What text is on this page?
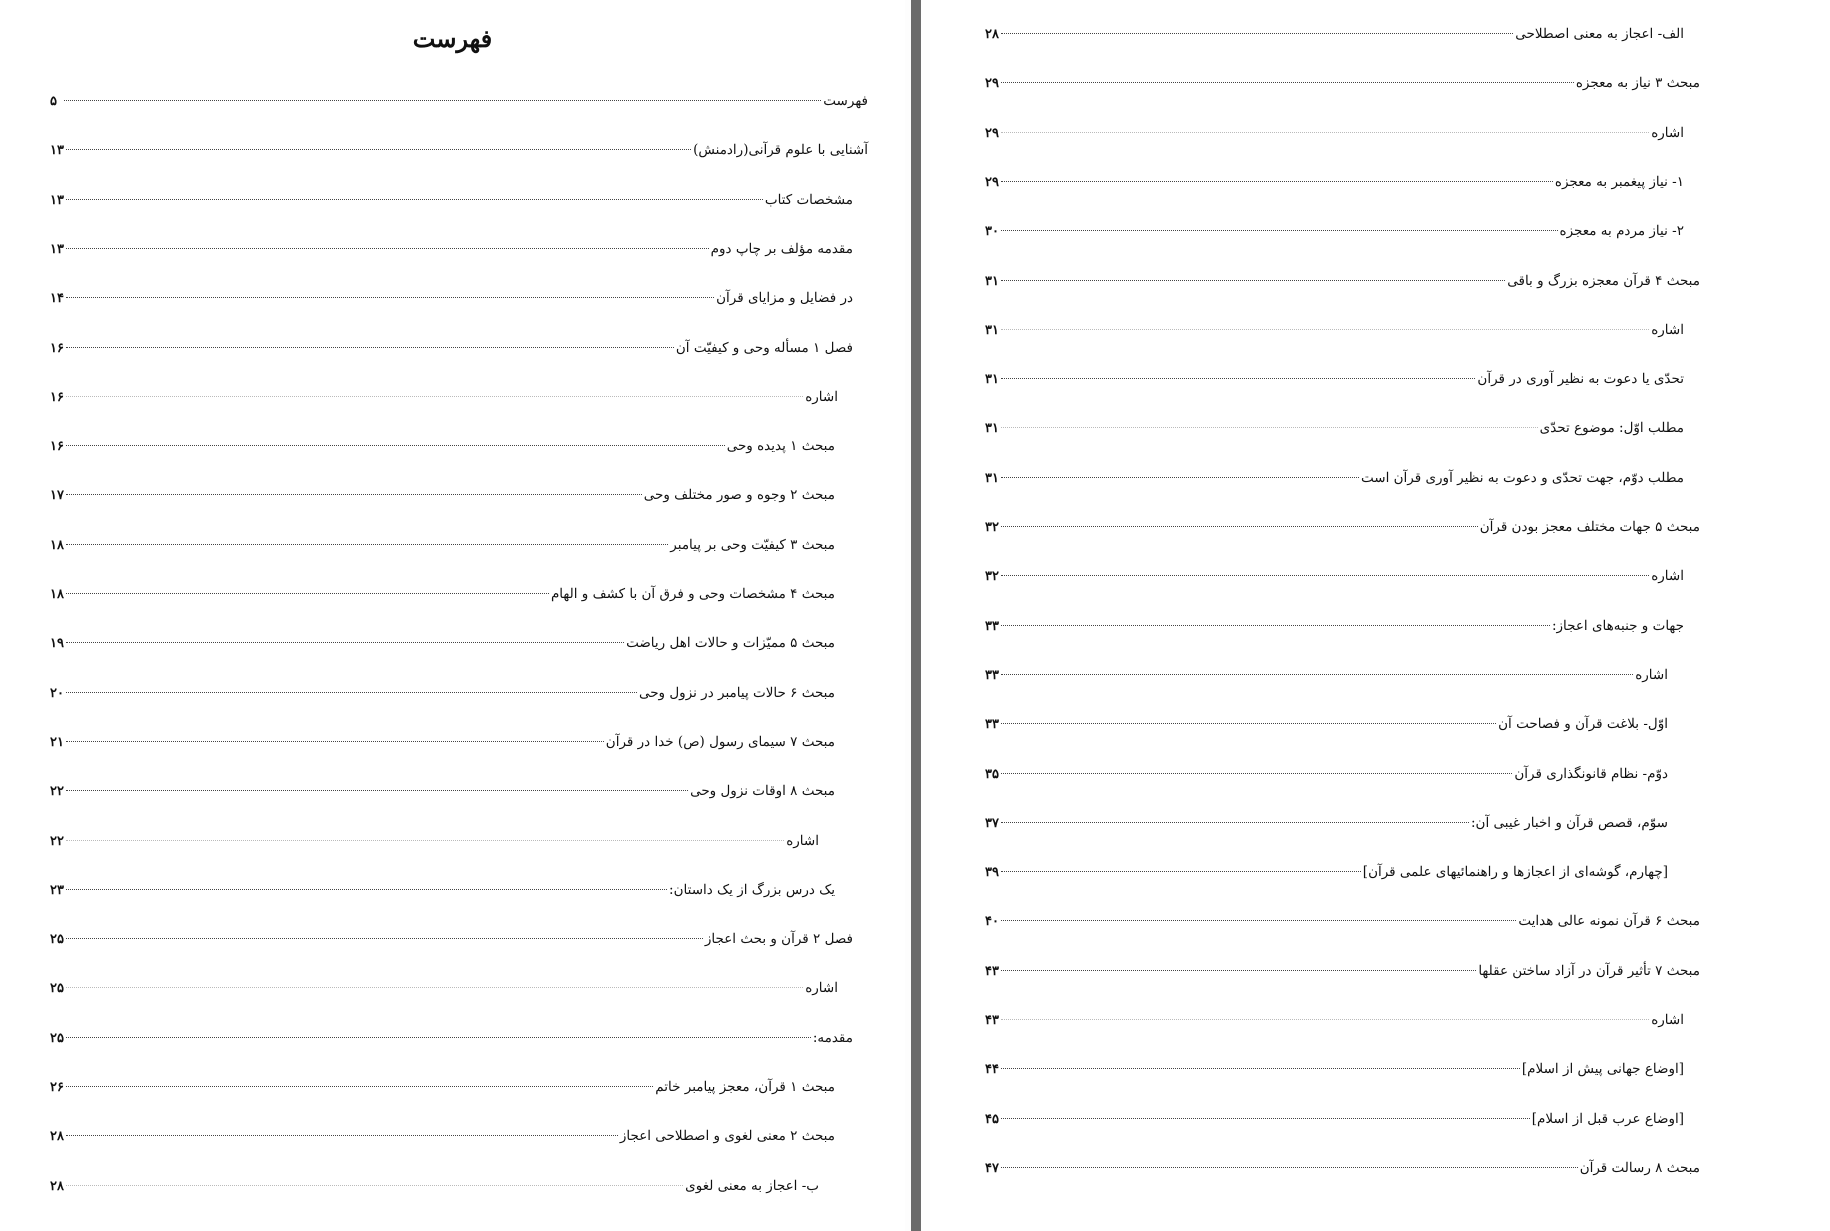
فهرست
فهرست
۵
آشنایی با علوم قرآنی(رادمنش)
۱۳
مشخصات کتاب
۱۳
مقدمه مؤلف بر چاپ دوم
۱۳
در فضایل و مزایای قرآن
۱۴
فصل ۱ مسأله وحی و کیفیّت آن
۱۶
اشاره
۱۶
مبحث ۱ پدیده وحی
۱۶
مبحث ۲ وجوه و صور مختلف وحی
۱۷
مبحث ۳ کیفیّت وحی بر پیامبر
۱۸
مبحث ۴ مشخصات وحی و فرق آن با کشف و الهام
۱۸
مبحث ۵ ممیّزات و حالات اهل ریاضت
۱۹
مبحث ۶ حالات پیامبر در نزول وحی
۲۰
مبحث ۷ سیمای رسول (ص) خدا در قرآن
۲۱
مبحث ۸ اوقات نزول وحی
۲۲
اشاره
۲۲
یک درس بزرگ از یک داستان:
۲۳
فصل ۲ قرآن و بحث اعجاز
۲۵
اشاره
۲۵
مقدمه:
۲۵
مبحث ۱ قرآن، معجز پیامبر خاتم
۲۶
مبحث ۲ معنی لغوی و اصطلاحی اعجاز
۲۸
ب- اعجاز به معنی لغوی
۲۸
الف- اعجاز به معنی اصطلاحی
۲۸
مبحث ۳ نیاز به معجزه
۲۹
اشاره
۲۹
۱- نیاز پیغمبر به معجزه
۲۹
۲- نیاز مردم به معجزه
۳۰
مبحث ۴ قرآن معجزه بزرگ و باقی
۳۱
اشاره
۳۱
تحدّی یا دعوت به نظیر آوری در قرآن
۳۱
مطلب اوّل: موضوع تحدّی
۳۱
مطلب دوّم، جهت تحدّی و دعوت به نظیر آوری قرآن است
۳۱
مبحث ۵ جهات مختلف معجز بودن قرآن
۳۲
اشاره
۳۲
جهات و جنبه‌های اعجاز:
۳۳
اشاره
۳۳
اوّل- بلاغت قرآن و فصاحت آن
۳۳
دوّم- نظام قانونگذاری قرآن
۳۵
سوّم، قصص قرآن و اخبار غیبی آن:
۳۷
[چهارم، گوشه‌ای از اعجازها و راهنمائیهای علمی قرآن]
۳۹
مبحث ۶ قرآن نمونه عالی هدایت
۴۰
مبحث ۷ تأثیر قرآن در آزاد ساختن عقلها
۴۳
اشاره
۴۳
[اوضاع جهانی پیش از اسلام]
۴۴
[اوضاع عرب قبل از اسلام]
۴۵
مبحث ۸ رسالت قرآن
۴۷
